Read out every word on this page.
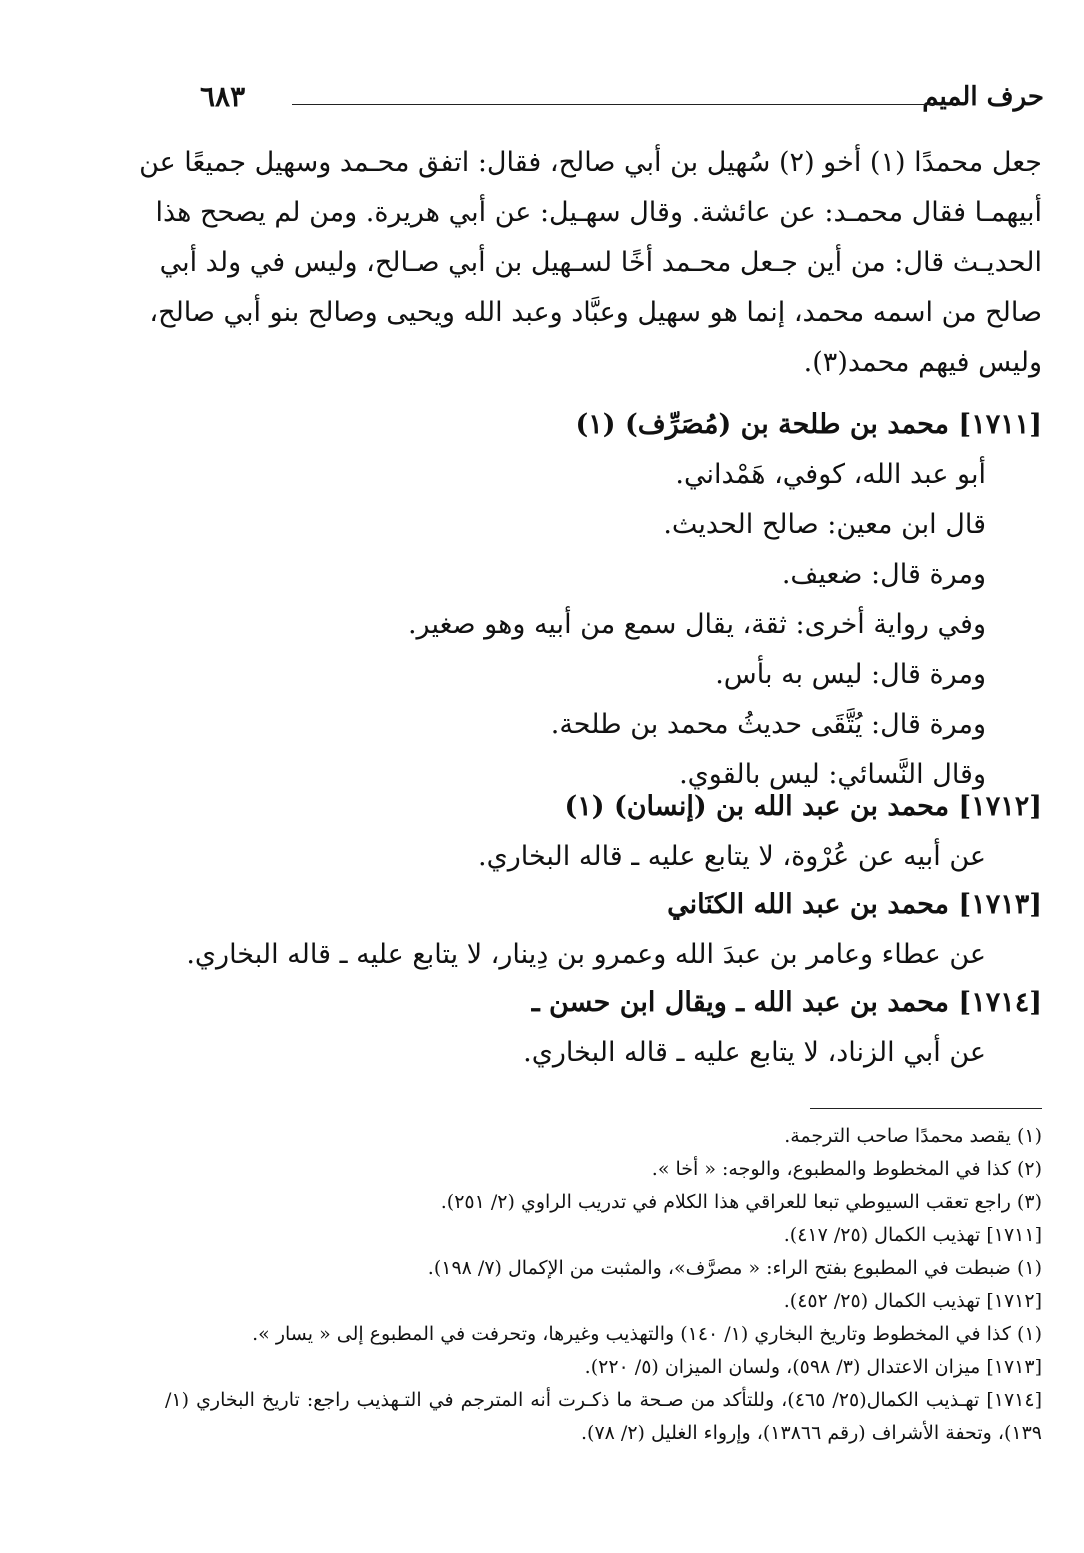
حرف الميم
٦٨٣
جعل محمدًا (١) أخو (٢) سُهيل بن أبي صالح، فقال: اتفق محـمد وسهيل جميعًا عن
أبيهمـا فقال محمـد: عن عائشة. وقال سهـيل: عن أبي هريرة. ومن لم يصحح هذا
الحديـث قال: من أين جـعل محـمد أخًا لسـهيل بن أبي صـالح، وليس في ولد أبي
صالح من اسمه محمد، إنما هو سهيل وعبَّاد وعبد الله ويحيى وصالح بنو أبي صالح،
وليس فيهم محمد(٣).
[١٧١١] محمد بن طلحة بن (مُصَرِّف) (١)
أبو عبد الله، كوفي، هَمْداني.
قال ابن معين: صالح الحديث.
ومرة قال: ضعيف.
وفي رواية أخرى: ثقة، يقال سمع من أبيه وهو صغير.
ومرة قال: ليس به بأس.
ومرة قال: يُتَّقَى حديثُ محمد بن طلحة.
وقال النَّسائي: ليس بالقوي.
[١٧١٢] محمد بن عبد الله بن (إنسان) (١)
عن أبيه عن عُرْوة، لا يتابع عليه ـ قاله البخاري.
[١٧١٣] محمد بن عبد الله الكنَاني
عن عطاء وعامر بن عبدَ الله وعمرو بن دِينار، لا يتابع عليه ـ قاله البخاري.
[١٧١٤] محمد بن عبد الله ـ ويقال ابن حسن ـ
عن أبي الزناد، لا يتابع عليه ـ قاله البخاري.
(١) يقصد محمدًا صاحب الترجمة.
(٢) كذا في المخطوط والمطبوع، والوجه: « أخا ».
(٣) راجع تعقب السيوطي تبعا للعراقي هذا الكلام في تدريب الراوي (٢/ ٢٥١).
[١٧١١] تهذيب الكمال (٢٥/ ٤١٧).
(١) ضبطت في المطبوع بفتح الراء: « مصرَّف»، والمثبت من الإكمال (٧/ ١٩٨).
[١٧١٢] تهذيب الكمال (٢٥/ ٤٥٢).
(١) كذا في المخطوط وتاريخ البخاري (١/ ١٤٠) والتهذيب وغيرها، وتحرفت في المطبوع إلى « يسار ».
[١٧١٣] ميزان الاعتدال (٣/ ٥٩٨)، ولسان الميزان (٥/ ٢٢٠).
[١٧١٤] تهـذيب الكمال(٢٥/ ٤٦٥)، وللتأكد من صـحة ما ذكـرت أنه المترجم في التـهذيب راجع: تاريخ البخاري (١/ ١٣٩)، وتحفة الأشراف (رقم ١٣٨٦٦)، وإرواء الغليل (٢/ ٧٨).
